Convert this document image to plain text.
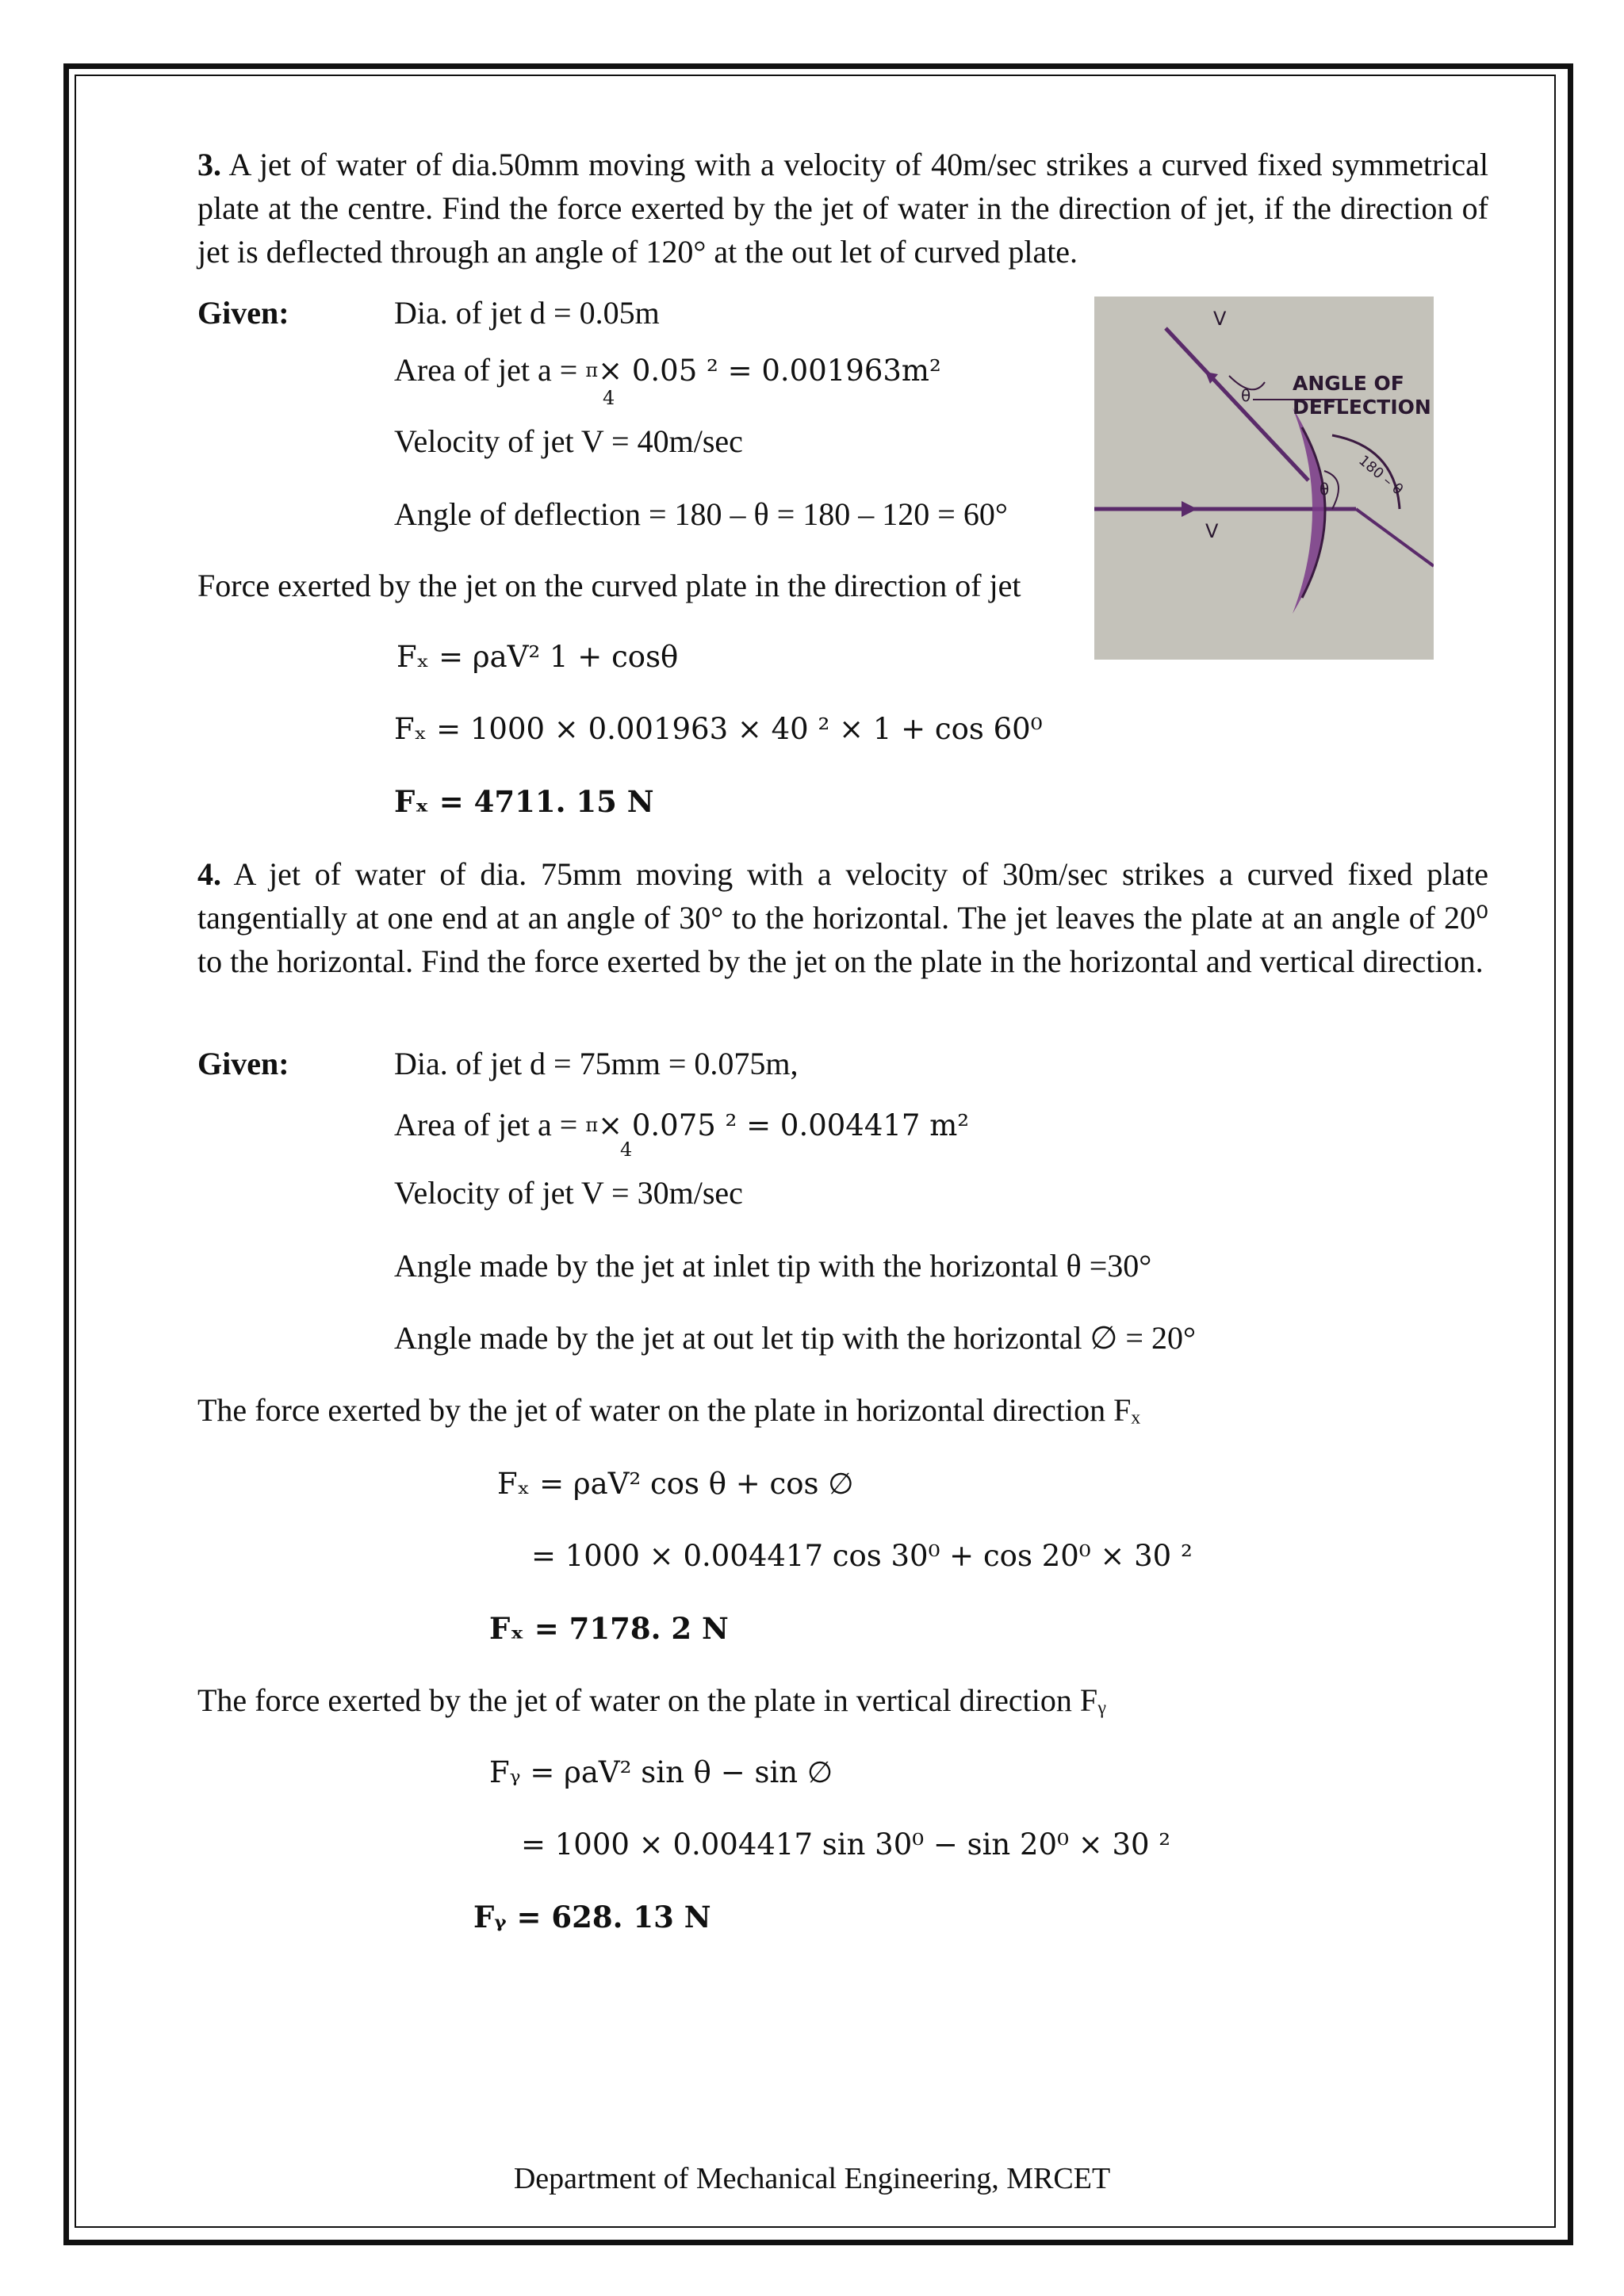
3. A jet of water of dia.50mm moving with a velocity of 40m/sec strikes a curved fixed symmetrical plate at the centre. Find the force exerted by the jet of water in the direction of jet, if the direction of jet is deflected through an angle of 120° at the out let of curved plate.
Given:	Dia. of jet d = 0.05m
Area of jet a = $^\pi$× 0.05 ² = 0.001963m²
4
Velocity of jet V = 40m/sec
Angle of deflection = 180 – θ = 180 – 120 = 60°
Force exerted by the jet on the curved plate in the direction of jet
Fₓ = ρaV² 1 + cosθ
Fₓ = 1000 × 0.001963 × 40 ² × 1 + cos 60⁰
Fₓ = 4711. 15 N
V
V
θ
θ
ANGLE OF
DEFLECTION
180 – θ
4. A jet of water of dia. 75mm moving with a velocity of 30m/sec strikes a curved fixed plate tangentially at one end at an angle of 30° to the horizontal. The jet leaves the plate at an angle of 20⁰ to the horizontal. Find the force exerted by the jet on the plate in the horizontal and vertical direction.
Given:	Dia. of jet d = 75mm = 0.075m,
Area of jet a = $^\pi$× 0.075 ² = 0.004417 m²
4
Velocity of jet V = 30m/sec
Angle made by the jet at inlet tip with the horizontal θ =30°
Angle made by the jet at out let tip with the horizontal ∅ = 20°
The force exerted by the jet of water on the plate in horizontal direction Fₓ
Fₓ = ρaV² cos θ + cos ∅
= 1000 × 0.004417 cos 30⁰ + cos 20⁰ × 30 ²
Fₓ = 7178. 2 N
The force exerted by the jet of water on the plate in vertical direction Fᵧ
Fᵧ = ρaV² sin θ − sin ∅
= 1000 × 0.004417 sin 30⁰ − sin 20⁰ × 30 ²
Fᵧ = 628. 13 N
Department of Mechanical Engineering, MRCET
